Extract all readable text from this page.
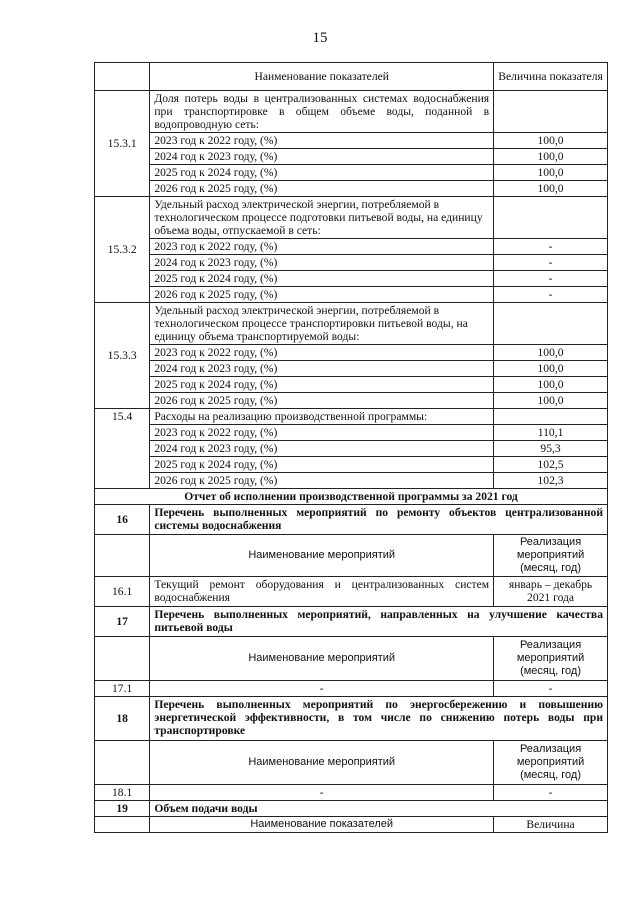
15
	Наименование показателей	Величина показателя
15.3.1	Доля потерь воды в централизованных системах водоснабжения при транспортировке в общем объеме воды, поданной в водопроводную сеть:	
	2023 год к 2022 году, (%)	100,0
	2024 год к 2023 году, (%)	100,0
	2025 год к 2024 году, (%)	100,0
	2026 год к 2025 году, (%)	100,0
15.3.2	Удельный расход электрической энергии, потребляемой в технологическом процессе подготовки питьевой воды, на единицу объема воды, отпускаемой в сеть:	
	2023 год к 2022 году, (%)	-
	2024 год к 2023 году, (%)	-
	2025 год к 2024 году, (%)	-
	2026 год к 2025 году, (%)	-
15.3.3	Удельный расход электрической энергии, потребляемой в технологическом процессе транспортировки питьевой воды, на единицу объема транспортируемой воды:	
	2023 год к 2022 году, (%)	100,0
	2024 год к 2023 году, (%)	100,0
	2025 год к 2024 году, (%)	100,0
	2026 год к 2025 году, (%)	100,0
15.4	Расходы на реализацию производственной программы:	
	2023 год к 2022 году, (%)	110,1
	2024 год к 2023 году, (%)	95,3
	2025 год к 2024 году, (%)	102,5
	2026 год к 2025 году, (%)	102,3
Отчет об исполнении производственной программы за 2021 год		
16	Перечень выполненных мероприятий по ремонту объектов централизованной системы водоснабжения	
	Наименование мероприятий	Реализация мероприятий (месяц, год)
16.1	Текущий ремонт оборудования и централизованных систем водоснабжения	январь – декабрь 2021 года
17	Перечень выполненных мероприятий, направленных на улучшение качества питьевой воды	
	Наименование мероприятий	Реализация мероприятий (месяц, год)
17.1	-	-
18	Перечень выполненных мероприятий по энергосбережению и повышению энергетической эффективности, в том числе по снижению потерь воды при транспортировке	
	Наименование мероприятий	Реализация мероприятий (месяц, год)
18.1	-	-
19	Объем подачи воды	
	Наименование показателей	Величина
